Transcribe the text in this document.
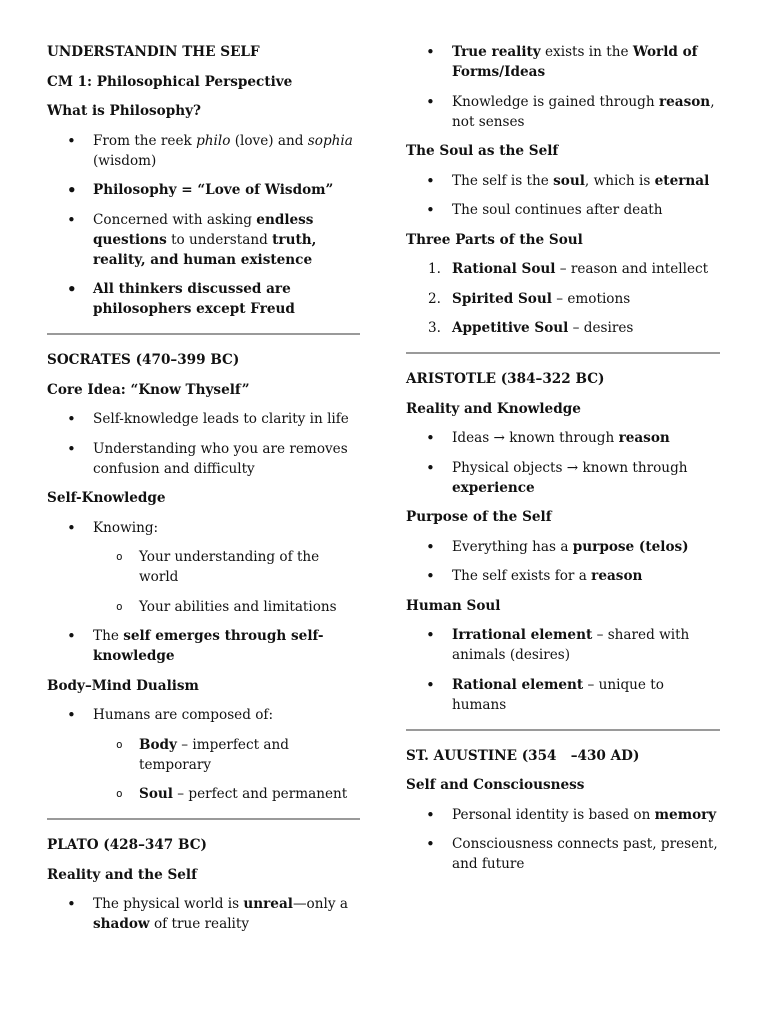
UNDERSTANDIN THE SELF

CM 1: Philosophical Perspective

What is Philosophy?

• From the reek philo (love) and sophia (wisdom)
• Philosophy = “Love of Wisdom”
• Concerned with asking endless questions to understand truth, reality, and human existence
• All thinkers discussed are philosophers except Freud

SOCRATES (470–399 BC)

Core Idea: “Know Thyself”

• Self-knowledge leads to clarity in life
• Understanding who you are removes confusion and difficulty

Self-Knowledge

• Knowing:
o Your understanding of the world
o Your abilities and limitations
• The self emerges through self-knowledge

Body–Mind Dualism

• Humans are composed of:
o Body – imperfect and temporary
o Soul – perfect and permanent

PLATO (428–347 BC)

Reality and the Self

• The physical world is unreal—only a shadow of true reality
• True reality exists in the World of Forms/Ideas
• Knowledge is gained through reason, not senses

The Soul as the Self

• The self is the soul, which is eternal
• The soul continues after death

Three Parts of the Soul

1. Rational Soul – reason and intellect
2. Spirited Soul – emotions
3. Appetitive Soul – desires

ARISTOTLE (384–322 BC)

Reality and Knowledge

• Ideas → known through reason
• Physical objects → known through experience

Purpose of the Self

• Everything has a purpose (telos)
• The self exists for a reason

Human Soul

• Irrational element – shared with animals (desires)
• Rational element – unique to humans

ST. AUUSTINE (354   –430 AD)

Self and Consciousness

• Personal identity is based on memory
• Consciousness connects past, present, and future
